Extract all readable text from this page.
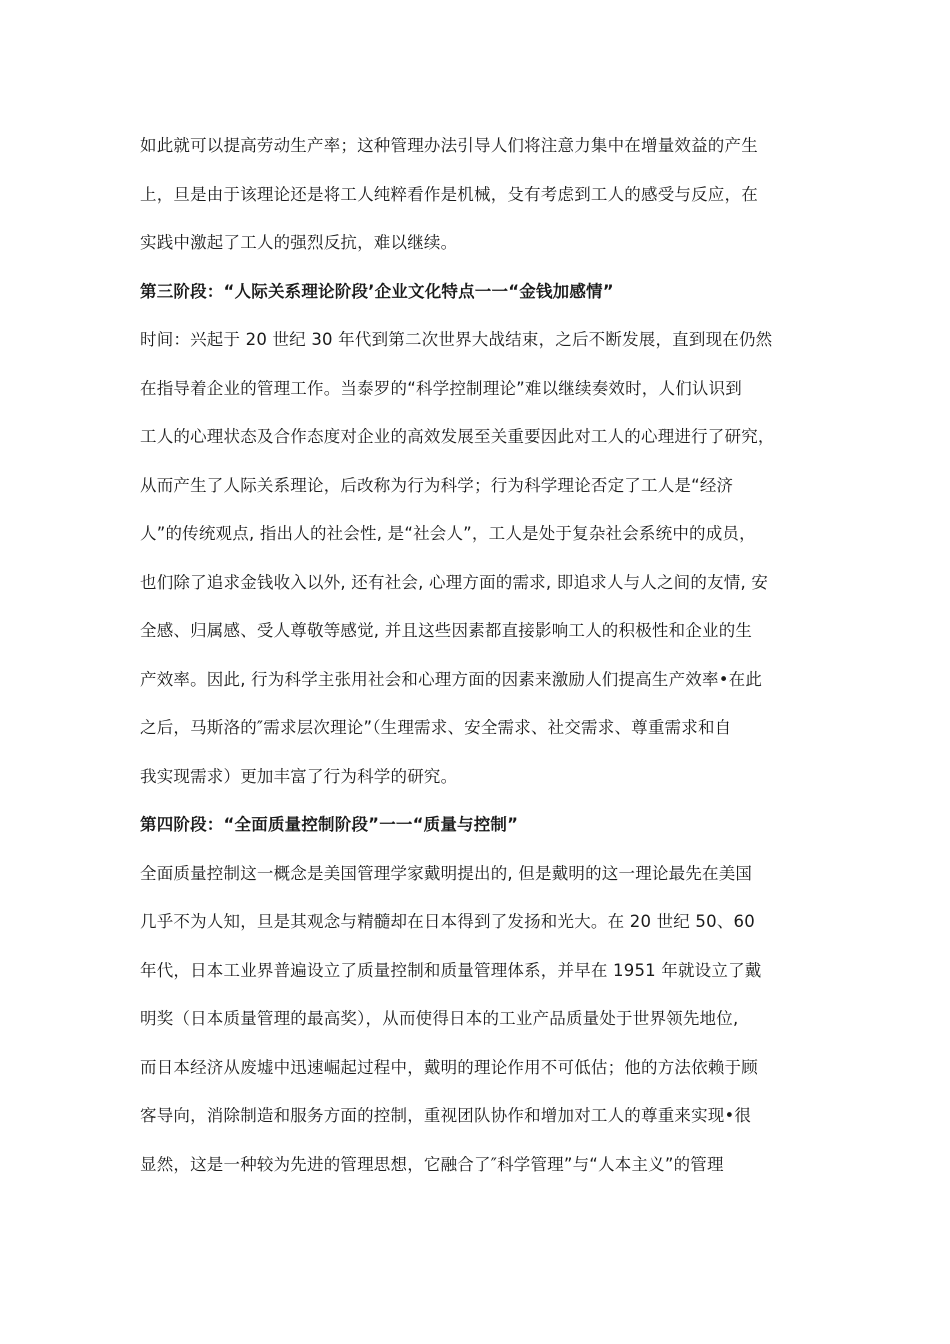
如此就可以提高劳动生产率；这种管理办法引导人们将注意力集中在增量效益的产生
上，旦是由于该理论还是将工人纯粹看作是机械，殳有考虑到工人的感受与反应，在
实践中激起了工人的强烈反抗，难以继续。
第三阶段：“人际关系理论阶段’企业文化特点一一“金钱加感情”
时间：兴起于 20 世纪 30 年代到第二次世界大战结束，之后不断发展，直到现在仍然
在指导着企业的管理工作。当泰罗的“科学控制理论”难以继续奏效时，人们认识到
工人的心理状态及合作态度对企业的高效发展至关重要因此对工人的心理进行了研究，
从而产生了人际关系理论，后改称为行为科学；行为科学理论否定了工人是“经济
人”的传统观点, 指出人的社会性, 是“社会人”，工人是处于复杂社会系统中的成员，
也们除了追求金钱收入以外, 还有社会, 心理方面的需求, 即追求人与人之间的友情, 安
全感、归属感、受人尊敬等感觉, 并且这些因素都直接影响工人的积极性和企业的生
产效率。因此, 行为科学主张用社会和心理方面的因素来激励人们提高生产效率•在此
之后，马斯洛的″需求层次理论”（生理需求、安全需求、社交需求、尊重需求和自
我实现需求）更加丰富了行为科学的研究。
第四阶段：“全面质量控制阶段”一一“质量与控制”
全面质量控制这一概念是美国管理学家戴明提出的, 但是戴明的这一理论最先在美国
几乎不为人知，旦是其观念与精髓却在日本得到了发扬和光大。在 20 世纪 50、60
年代，日本工业界普遍设立了质量控制和质量管理体系，并早在 1951 年就设立了戴
明奖（日本质量管理的最高奖），从而使得日本的工业产品质量处于世界领先地位,
而日本经济从废墟中迅速崛起过程中，戴明的理论作用不可低估；他的方法依赖于顾
客导向，消除制造和服务方面的控制，重视团队协作和增加对工人的尊重来实现•很
显然，这是一种较为先进的管理思想，它融合了″科学管理”与“人本主义”的管理
